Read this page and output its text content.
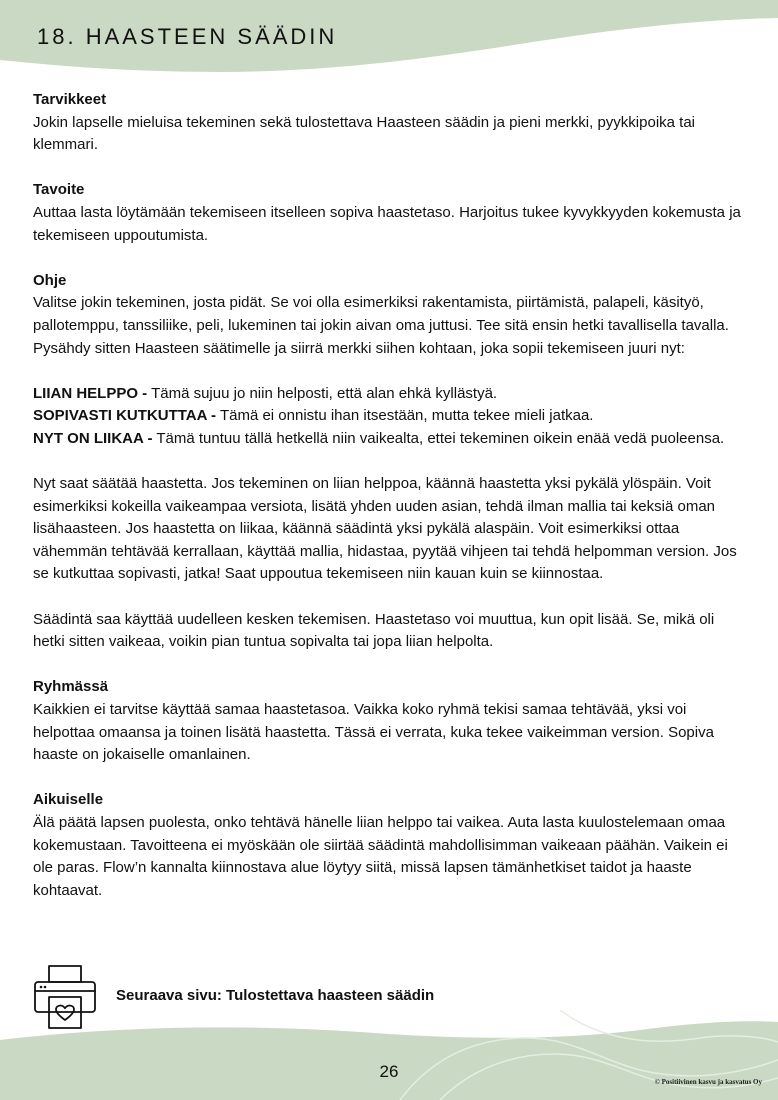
18. HAASTEEN SÄÄDIN
Tarvikkeet

Jokin lapselle mieluisa tekeminen sekä tulostettava Haasteen säädin ja pieni merkki, pyykkipoika tai klemmari.

Tavoite

Auttaa lasta löytämään tekemiseen itselleen sopiva haastetaso. Harjoitus tukee kyvykkyyden kokemusta ja tekemiseen uppoutumista.

Ohje

Valitse jokin tekeminen, josta pidät. Se voi olla esimerkiksi rakentamista, piirtämistä, palapeli, käsityö, pallotemppu, tanssiliike, peli, lukeminen tai jokin aivan oma juttusi. Tee sitä ensin hetki tavallisella tavalla. Pysähdy sitten Haasteen säätimelle ja siirrä merkki siihen kohtaan, joka sopii tekemiseen juuri nyt:

LIIAN HELPPO - Tämä sujuu jo niin helposti, että alan ehkä kyllästyä.

SOPIVASTI KUTKUTTAA - Tämä ei onnistu ihan itsestään, mutta tekee mieli jatkaa.

NYT ON LIIKAA - Tämä tuntuu tällä hetkellä niin vaikealta, ettei tekeminen oikein enää vedä puoleensa.

Nyt saat säätää haastetta. Jos tekeminen on liian helppoa, käännä haastetta yksi pykälä ylöspäin. Voit esimerkiksi kokeilla vaikeampaa versiota, lisätä yhden uuden asian, tehdä ilman mallia tai keksiä oman lisähaasteen. Jos haastetta on liikaa, käännä säädintä yksi pykälä alaspäin. Voit esimerkiksi ottaa vähemmän tehtävää kerrallaan, käyttää mallia, hidastaa, pyytää vihjeen tai tehdä helpomman version. Jos se kutkuttaa sopivasti, jatka! Saat uppoutua tekemiseen niin kauan kuin se kiinnostaa.

Säädintä saa käyttää uudelleen kesken tekemisen. Haastetaso voi muuttua, kun opit lisää. Se, mikä oli hetki sitten vaikeaa, voikin pian tuntua sopivalta tai jopa liian helpolta.

Ryhmässä

Kaikkien ei tarvitse käyttää samaa haastetasoa. Vaikka koko ryhmä tekisi samaa tehtävää, yksi voi helpottaa omaansa ja toinen lisätä haastetta. Tässä ei verrata, kuka tekee vaikeimman version. Sopiva haaste on jokaiselle omanlainen.

Aikuiselle

Älä päätä lapsen puolesta, onko tehtävä hänelle liian helppo tai vaikea. Auta lasta kuulostelemaan omaa kokemustaan. Tavoitteena ei myöskään ole siirtää säädintä mahdollisimman vaikeaan päähän. Vaikein ei ole paras. Flow’n kannalta kiinnostava alue löytyy siitä, missä lapsen tämänhetkiset taidot ja haaste kohtaavat.

Seuraava sivu: Tulostettava haasteen säädin
26
© Positiivinen kasvu ja kasvatus Oy
